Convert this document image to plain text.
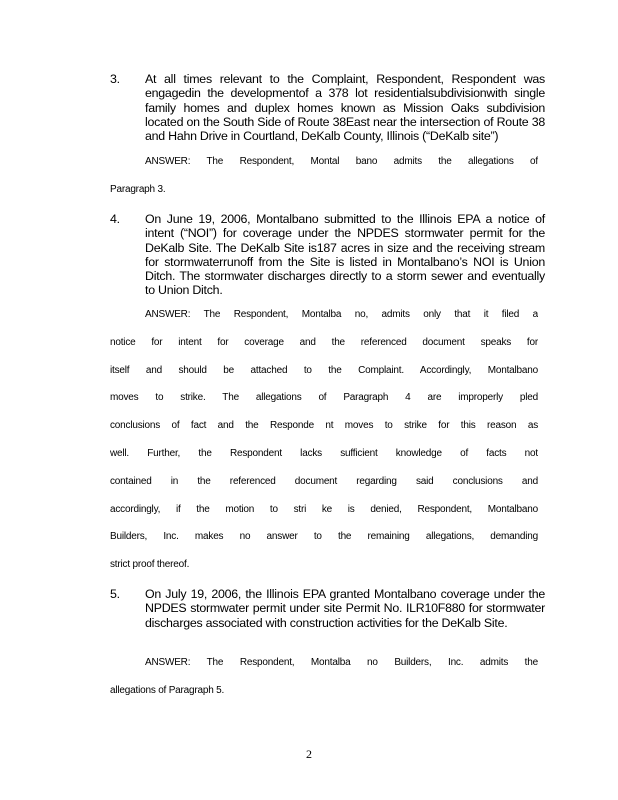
3.	At all times relevant to the Complaint, Respondent, Respondent was engagedin the developmentof a 378 lot residentialsubdivisionwith single family homes and duplex homes known as Mission Oaks subdivision located on the South Side of Route 38East near the intersection of Route 38 and Hahn Drive in Courtland, DeKalb County, Illinois (“DeKalb site”)
ANSWER: The Respondent, Montal bano admits the allegations of
Paragraph 3.
4.	On June 19, 2006, Montalbano submitted to the Illinois EPA a notice of intent (“NOI”) for coverage under the NPDES stormwater permit for the DeKalb Site. The DeKalb Site is187 acres in size and the receiving stream for stormwaterrunoff from the Site is listed in Montalbano’s NOI is Union Ditch. The stormwater discharges directly to a storm sewer and eventually to Union Ditch.
ANSWER: The Respondent, Montalba no, admits only that it filed a
notice for intent for coverage and the referenced document speaks for
itself and should be attached to the Complaint. Accordingly, Montalbano
moves to strike. The allegations of Paragraph 4 are improperly pled
conclusions of fact and the Responde nt moves to strike for this reason as
well. Further, the Respondent lacks sufficient knowledge of facts not
contained in the referenced document regarding said conclusions and
accordingly, if the motion to stri ke is denied, Respondent, Montalbano
Builders, Inc. makes no answer to the remaining allegations, demanding
strict proof thereof.
5.	On July 19, 2006, the Illinois EPA granted Montalbano coverage under the NPDES stormwater permit under site Permit No. ILR10F880 for stormwater discharges associated with construction activities for the DeKalb Site.
ANSWER: The Respondent, Montalba no Builders, Inc. admits the
allegations of Paragraph 5.
2
